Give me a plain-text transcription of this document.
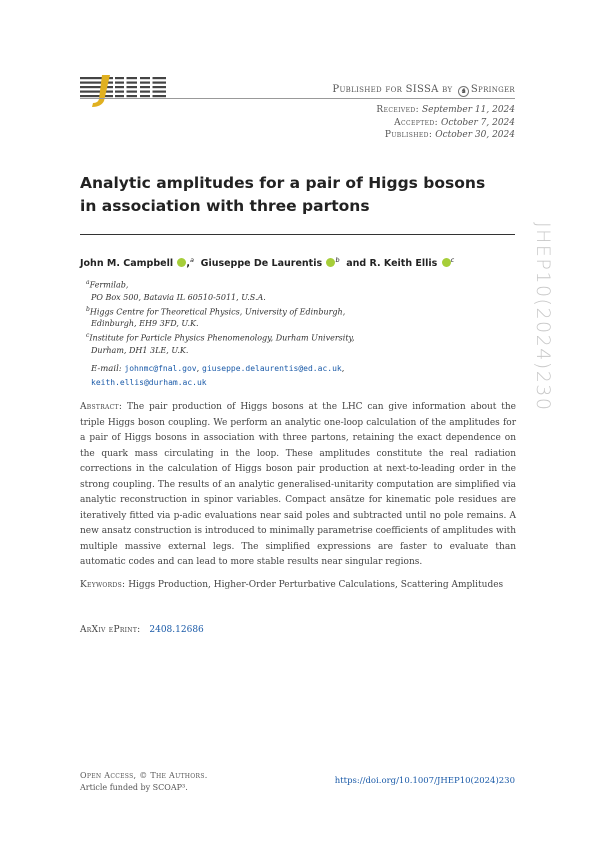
Published for SISSA by ♞ Springer
Received: September 11, 2024
Accepted: October 7, 2024
Published: October 30, 2024
Analytic amplitudes for a pair of Higgs bosons in association with three partons
John M. Campbell ,$^a$ Giuseppe De Laurentis $^b$ and R. Keith Ellis $^c$
$^a$Fermilab,
PO Box 500, Batavia IL 60510-5011, U.S.A.
$^b$Higgs Centre for Theoretical Physics, University of Edinburgh,
Edinburgh, EH9 3FD, U.K.
$^c$Institute for Particle Physics Phenomenology, Durham University,
Durham, DH1 3LE, U.K.
E-mail: johnmc@fnal.gov, giuseppe.delaurentis@ed.ac.uk,
keith.ellis@durham.ac.uk

Abstract: The pair production of Higgs bosons at the LHC can give information about the triple Higgs boson coupling. We perform an analytic one-loop calculation of the amplitudes for a pair of Higgs bosons in association with three partons, retaining the exact dependence on the quark mass circulating in the loop. These amplitudes constitute the real radiation corrections in the calculation of Higgs boson pair production at next-to-leading order in the strong coupling. The results of an analytic generalised-unitarity computation are simplified via analytic reconstruction in spinor variables. Compact ansätze for kinematic pole residues are iteratively fitted via p-adic evaluations near said poles and subtracted until no pole remains. A new ansatz construction is introduced to minimally parametrise coefficients of amplitudes with multiple massive external legs. The simplified expressions are faster to evaluate than automatic codes and can lead to more stable results near singular regions.

Keywords: Higgs Production, Higher-Order Perturbative Calculations, Scattering Amplitudes

ArXiv ePrint: 2408.12686
Open Access, © The Authors.
Article funded by SCOAP³.
https://doi.org/10.1007/JHEP10(2024)230
JHEP10(2024)230
